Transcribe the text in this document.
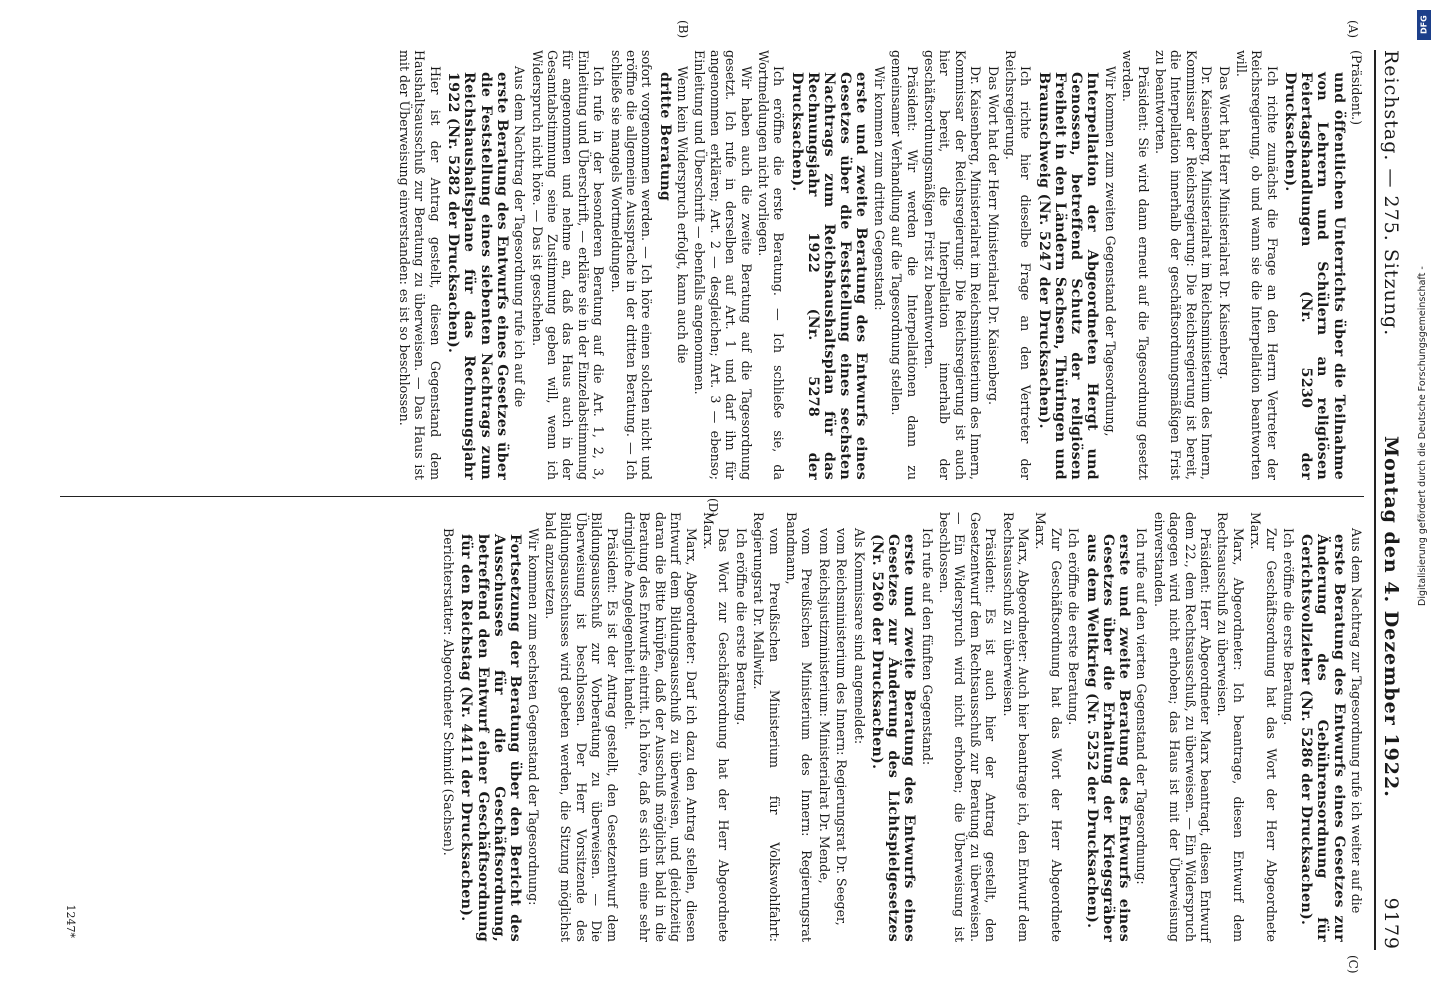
Reichstag. — 275. Sitzung.
Montag den 4. Dezember 1922.
9179

(Präsident.)

und öffentlichen Unterrichts über die Teilnahme von Lehrern und Schülern an religiösen Feiertagshandlungen (Nr. 5230 der Drucksachen).

Ich richte zunächst die Frage an den Herrn Vertreter der Reichsregierung, ob und wann sie die Interpellation beantworten will.

Das Wort hat Herr Ministerialrat Dr. Kaisenberg.

Dr. Kaisenberg, Ministerialrat im Reichsministerium des Innern, Kommissar der Reichsregierung: Die Reichsregierung ist bereit, die Interpellation innerhalb der geschäftsordnungsmäßigen Frist zu beantworten.

Präsident: Sie wird dann erneut auf die Tagesordnung gesetzt werden.

Wir kommen zum zweiten Gegenstand der Tagesordnung,

Interpellation der Abgeordneten Hergt und Genossen, betreffend Schutz der religiösen Freiheit in den Ländern Sachsen, Thüringen und Braunschweig (Nr. 5247 der Drucksachen).

Ich richte hier dieselbe Frage an den Vertreter der Reichsregierung.

Das Wort hat der Herr Ministerialrat Dr. Kaisenberg.

Dr. Kaisenberg, Ministerialrat im Reichsministerium des Innern, Kommissar der Reichsregierung: Die Reichsregierung ist auch hier bereit, die Interpellation innerhalb der geschäftsordnungsmäßigen Frist zu beantworten.

Präsident: Wir werden die Interpellationen dann zu gemeinsamer Verhandlung auf die Tagesordnung stellen.

Wir kommen zum dritten Gegenstand:

erste und zweite Beratung des Entwurfs eines Gesetzes über die Feststellung eines sechsten Nachtrags zum Reichshaushaltsplan für das Rechnungsjahr 1922 (Nr. 5278 der Drucksachen).

Ich eröffne die erste Beratung. — Ich schließe sie, da Wortmeldungen nicht vorliegen.

Wir haben auch die zweite Beratung auf die Tagesordnung gesetzt. Ich rufe in derselben auf Art. 1 und darf ihn für angenommen erklären; Art. 2 — desgleichen; Art. 3 — ebenso; Einleitung und Überschrift — ebenfalls angenommen.

Wenn kein Widerspruch erfolgt, kann auch die

dritte Beratung

sofort vorgenommen werden. — Ich höre einen solchen nicht und eröffne die allgemeine Aussprache in der dritten Beratung. — Ich schließe sie mangels Wortmeldungen.

Ich rufe in der besonderen Beratung auf die Art. 1, 2, 3, Einleitung und Überschrift, — erkläre sie in der Einzelabstimmung für angenommen und nehme an, daß das Haus auch in der Gesamtabstimmung seine Zustimmung geben will, wenn ich Widerspruch nicht höre. — Das ist geschehen.

Aus dem Nachtrag der Tagesordnung rufe ich auf die

erste Beratung des Entwurfs eines Gesetzes über die Feststellung eines siebenten Nachtrags zum Reichshaushaltsplane für das Rechnungsjahr 1922 (Nr. 5282 der Drucksachen).

Hier ist der Antrag gestellt, diesen Gegenstand dem Haushaltsausschuß zur Beratung zu überweisen. — Das Haus ist mit der Überweisung einverstanden: es ist so beschlossen.

Aus dem Nachtrag zur Tagesordnung rufe ich weiter auf die

erste Beratung des Entwurfs eines Gesetzes zur Änderung des Gebührensordnung für Gerichtsvollzieher (Nr. 5286 der Drucksachen).

Ich eröffne die erste Beratung.

Zur Geschäftsordnung hat das Wort der Herr Abgeordnete Marx.

Marx, Abgeordneter: Ich beantrage, diesen Entwurf dem Rechtsausschuß zu überweisen.

Präsident: Herr Abgeordneter Marx beantragt, diesen Entwurf dem 22., dem Rechtsausschuß, zu überweisen. — Ein Widerspruch dagegen wird nicht erhoben; das Haus ist mit der Überweisung einverstanden.

Ich rufe auf den vierten Gegenstand der Tagesordnung:

erste und zweite Beratung des Entwurfs eines Gesetzes über die Erhaltung der Kriegsgräber aus dem Weltkrieg (Nr. 5252 der Drucksachen).

Ich eröffne die erste Beratung.

Zur Geschäftsordnung hat das Wort der Herr Abgeordnete Marx.

Marx, Abgeordneter: Auch hier beantrage ich, den Entwurf dem Rechtsausschuß zu überweisen.

Präsident: Es ist auch hier der Antrag gestellt, den Gesetzentwurf dem Rechtsausschuß zur Beratung zu überweisen. — Ein Widerspruch wird nicht erhoben; die Überweisung ist beschlossen.

Ich rufe auf den fünften Gegenstand:

erste und zweite Beratung des Entwurfs eines Gesetzes zur Änderung des Lichtspielgesetzes (Nr. 5260 der Drucksachen).

Als Kommissare sind angemeldet:

vom Reichsministerium des Innern: Regierungsrat Dr. Seeger,

vom Reichsjustizministerium: Ministerialrat Dr. Mende,

vom Preußischen Ministerium des Innern: Regierungsrat Bandmann,

vom Preußischen Ministerium für Volkswohlfahrt: Regierungsrat Dr. Mallwitz.

Ich eröffne die erste Beratung.

Das Wort zur Geschäftsordnung hat der Herr Abgeordnete Marx.

Marx, Abgeordneter: Darf ich dazu den Antrag stellen, diesen Entwurf dem Bildungsausschuß zu überweisen, und gleichzeitig daran die Bitte knüpfen, daß der Ausschuß möglichst bald in die Beratung des Entwurfs eintritt. Ich höre, daß es sich um eine sehr dringliche Angelegenheit handelt.

Präsident: Es ist der Antrag gestellt, den Gesetzentwurf dem Bildungsausschuß zur Vorberatung zu überweisen. — Die Überweisung ist beschlossen. Der Herr Vorsitzende des Bildungsausschusses wird gebeten werden, die Sitzung möglichst bald anzusetzen.

Wir kommen zum sechsten Gegenstand der Tagesordnung:

Fortsetzung der Beratung über den Bericht des Ausschusses für die Geschäftsordnung, betreffend den Entwurf einer Geschäftsordnung für den Reichstag (Nr. 4411 der Drucksachen).

Berichterstatter: Abgeordneter Schmidt (Sachsen).

(A)
(B)
(C)
(D)
1247*
DFG
Digitalisierung gefördert durch die Deutsche Forschungsgemeinschaft -
